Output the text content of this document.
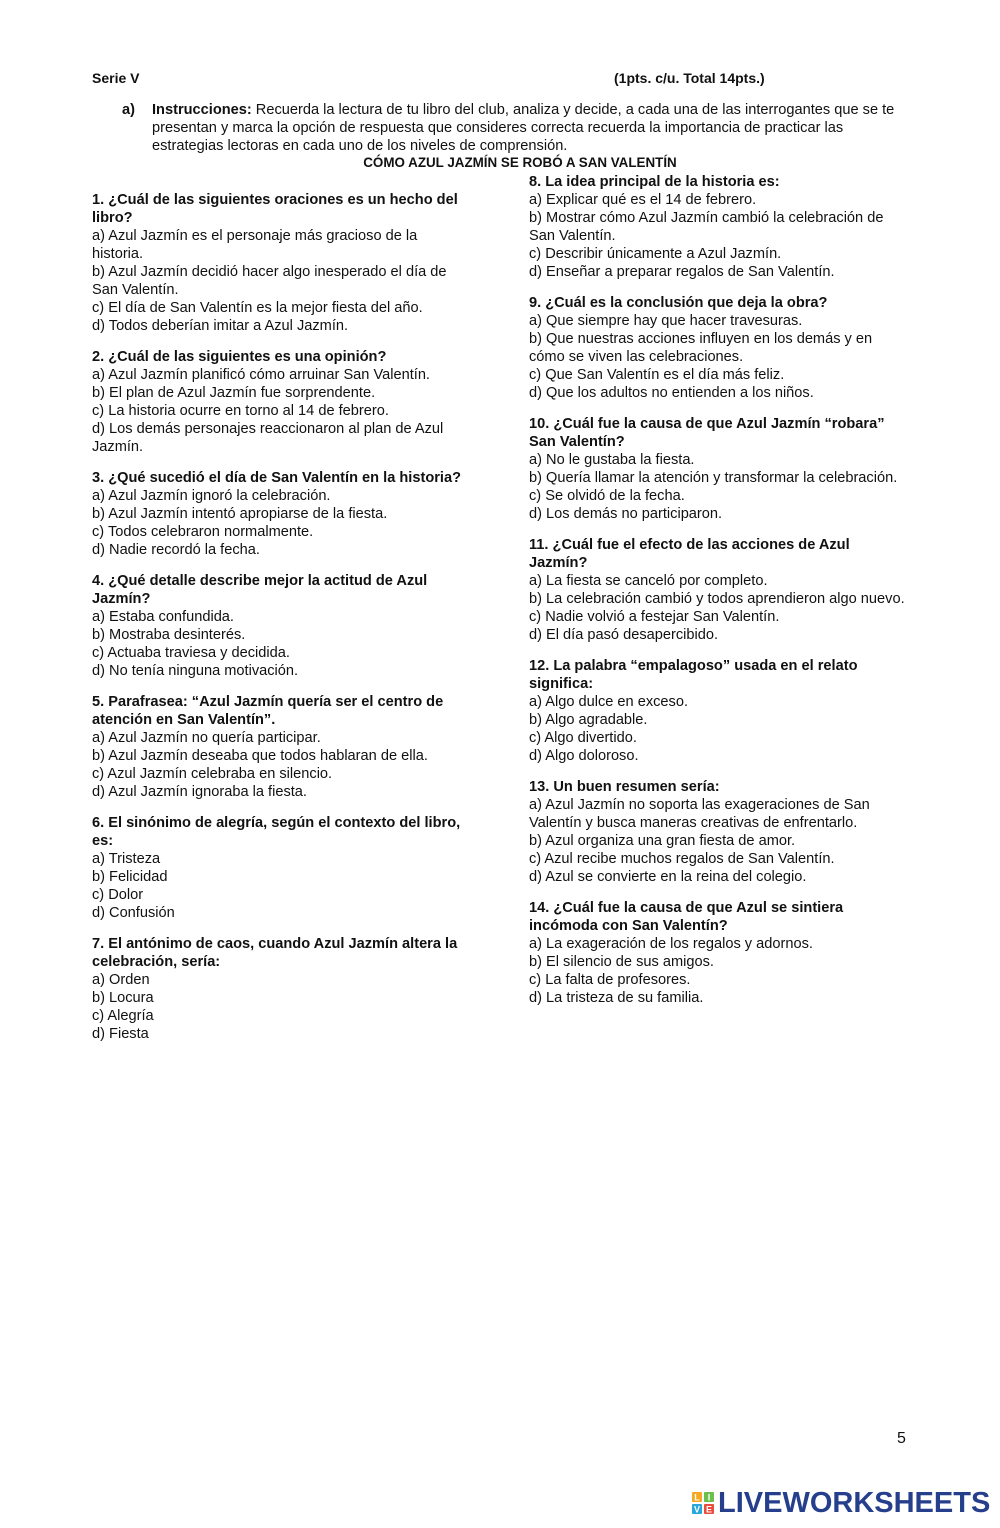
Serie V	(1pts. c/u. Total 14pts.)
a) Instrucciones: Recuerda la lectura de tu libro del club, analiza y decide, a cada una de las interrogantes que se te presentan y marca la opción de respuesta que consideres correcta recuerda la importancia de practicar las estrategias lectoras en cada uno de los niveles de comprensión.
CÓMO AZUL JAZMÍN SE ROBÓ A SAN VALENTÍN
1. ¿Cuál de las siguientes oraciones es un hecho del libro?
a) Azul Jazmín es el personaje más gracioso de la historia.
b) Azul Jazmín decidió hacer algo inesperado el día de San Valentín.
c) El día de San Valentín es la mejor fiesta del año.
d) Todos deberían imitar a Azul Jazmín.
2. ¿Cuál de las siguientes es una opinión?
a) Azul Jazmín planificó cómo arruinar San Valentín.
b) El plan de Azul Jazmín fue sorprendente.
c) La historia ocurre en torno al 14 de febrero.
d) Los demás personajes reaccionaron al plan de Azul Jazmín.
3. ¿Qué sucedió el día de San Valentín en la historia?
a) Azul Jazmín ignoró la celebración.
b) Azul Jazmín intentó apropiarse de la fiesta.
c) Todos celebraron normalmente.
d) Nadie recordó la fecha.
4. ¿Qué detalle describe mejor la actitud de Azul Jazmín?
a) Estaba confundida.
b) Mostraba desinterés.
c) Actuaba traviesa y decidida.
d) No tenía ninguna motivación.
5. Parafrasea: “Azul Jazmín quería ser el centro de atención en San Valentín”.
a) Azul Jazmín no quería participar.
b) Azul Jazmín deseaba que todos hablaran de ella.
c) Azul Jazmín celebraba en silencio.
d) Azul Jazmín ignoraba la fiesta.
6. El sinónimo de alegría, según el contexto del libro, es:
a) Tristeza
b) Felicidad
c) Dolor
d) Confusión
7. El antónimo de caos, cuando Azul Jazmín altera la celebración, sería:
a) Orden
b) Locura
c) Alegría
d) Fiesta
8. La idea principal de la historia es:
a) Explicar qué es el 14 de febrero.
b) Mostrar cómo Azul Jazmín cambió la celebración de San Valentín.
c) Describir únicamente a Azul Jazmín.
d) Enseñar a preparar regalos de San Valentín.
9. ¿Cuál es la conclusión que deja la obra?
a) Que siempre hay que hacer travesuras.
b) Que nuestras acciones influyen en los demás y en cómo se viven las celebraciones.
c) Que San Valentín es el día más feliz.
d) Que los adultos no entienden a los niños.
10. ¿Cuál fue la causa de que Azul Jazmín “robara” San Valentín?
a) No le gustaba la fiesta.
b) Quería llamar la atención y transformar la celebración.
c) Se olvidó de la fecha.
d) Los demás no participaron.
11. ¿Cuál fue el efecto de las acciones de Azul Jazmín?
a) La fiesta se canceló por completo.
b) La celebración cambió y todos aprendieron algo nuevo.
c) Nadie volvió a festejar San Valentín.
d) El día pasó desapercibido.
12. La palabra “empalagoso” usada en el relato significa:
a) Algo dulce en exceso.
b) Algo agradable.
c) Algo divertido.
d) Algo doloroso.
13. Un buen resumen sería:
a) Azul Jazmín no soporta las exageraciones de San Valentín y busca maneras creativas de enfrentarlo.
b) Azul organiza una gran fiesta de amor.
c) Azul recibe muchos regalos de San Valentín.
d) Azul se convierte en la reina del colegio.
14. ¿Cuál fue la causa de que Azul se sintiera incómoda con San Valentín?
a) La exageración de los regalos y adornos.
b) El silencio de sus amigos.
c) La falta de profesores.
d) La tristeza de su familia.
5
L I
V E LIVEWORKSHEETS
